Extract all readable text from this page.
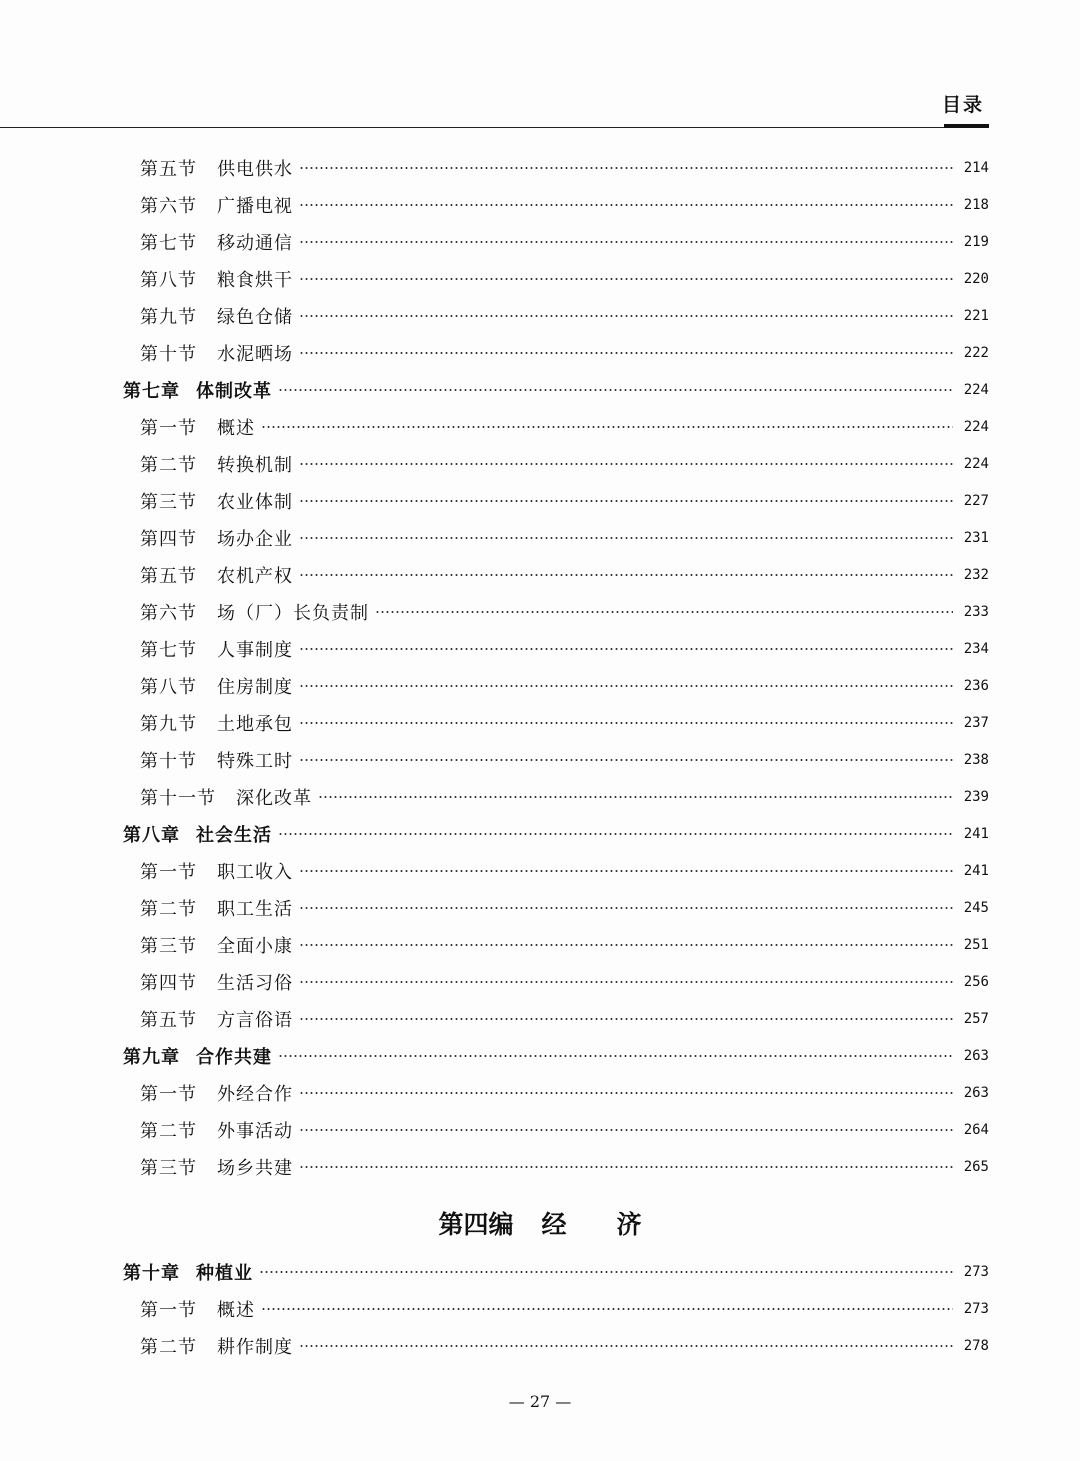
目录
第五节 供电供水	214
第六节 广播电视	218
第七节 移动通信	219
第八节 粮食烘干	220
第九节 绿色仓储	221
第十节 水泥晒场	222
第七章 体制改革	224
第一节 概述	224
第二节 转换机制	224
第三节 农业体制	227
第四节 场办企业	231
第五节 农机产权	232
第六节 场（厂）长负责制	233
第七节 人事制度	234
第八节 住房制度	236
第九节 土地承包	237
第十节 特殊工时	238
第十一节 深化改革	239
第八章 社会生活	241
第一节 职工收入	241
第二节 职工生活	245
第三节 全面小康	251
第四节 生活习俗	256
第五节 方言俗语	257
第九章 合作共建	263
第一节 外经合作	263
第二节 外事活动	264
第三节 场乡共建	265
第四编 经 济
第十章 种植业	273
第一节 概述	273
第二节 耕作制度	278
— 27 —
